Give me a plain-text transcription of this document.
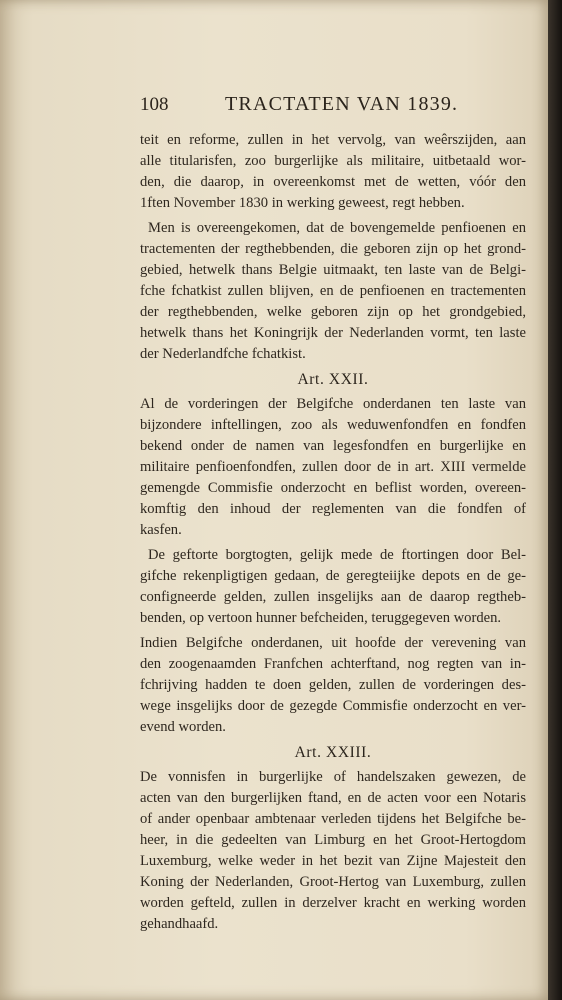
108	TRACTATEN VAN 1839.
teit en reforme, zullen in het vervolg, van weêrszijden, aan
alle titularisfen, zoo burgerlijke als militaire, uitbetaald wor-
den, die daarop, in overeenkomst met de wetten, vóór den
1ften November 1830 in werking geweest, regt hebben.
Men is overeengekomen, dat de bovengemelde penfioenen en
tractementen der regthebbenden, die geboren zijn op het grond-
gebied, hetwelk thans Belgie uitmaakt, ten laste van de Belgi-
fche fchatkist zullen blijven, en de penfioenen en tractementen
der regthebbenden, welke geboren zijn op het grondgebied,
hetwelk thans het Koningrijk der Nederlanden vormt, ten laste
der Nederlandfche fchatkist.
Art. XXII.
Al de vorderingen der Belgifche onderdanen ten laste van
bijzondere inftellingen, zoo als weduwenfondfen en fondfen
bekend onder de namen van legesfondfen en burgerlijke en
militaire penfioenfondfen, zullen door de in art. XIII vermelde
gemengde Commisfie onderzocht en beflist worden, overeen-
komftig den inhoud der reglementen van die fondfen of
kasfen.
De geftorte borgtogten, gelijk mede de ftortingen door Bel-
gifche rekenpligtigen gedaan, de geregteiijke depots en de ge-
configneerde gelden, zullen insgelijks aan de daarop regthеb-
benden, op vertoon hunner befcheiden, teruggegeven worden.
Indien Belgifche onderdanen, uit hoofde der verevening van
den zoogenaamden Franfchen achterftand, nog regten van in-
fchrijving hadden te doen gelden, zullen de vorderingen des-
wege insgelijks door de gezegde Commisfie onderzocht en ver-
evend worden.
Art. XXIII.
De vonnisfen in burgerlijke of handelszaken gewezen, de
acten van den burgerlijken ftand, en de acten voor een Notaris
of ander openbaar ambtenaar verleden tijdens het Belgifche be-
heer, in die gedeelten van Limburg en het Groot-Hertogdom
Luxemburg, welke weder in het bezit van Zijne Majesteit den
Koning der Nederlanden, Groot-Hertog van Luxemburg, zullen
worden gefteld, zullen in derzelver kracht en werking worden
gehandhaafd.
